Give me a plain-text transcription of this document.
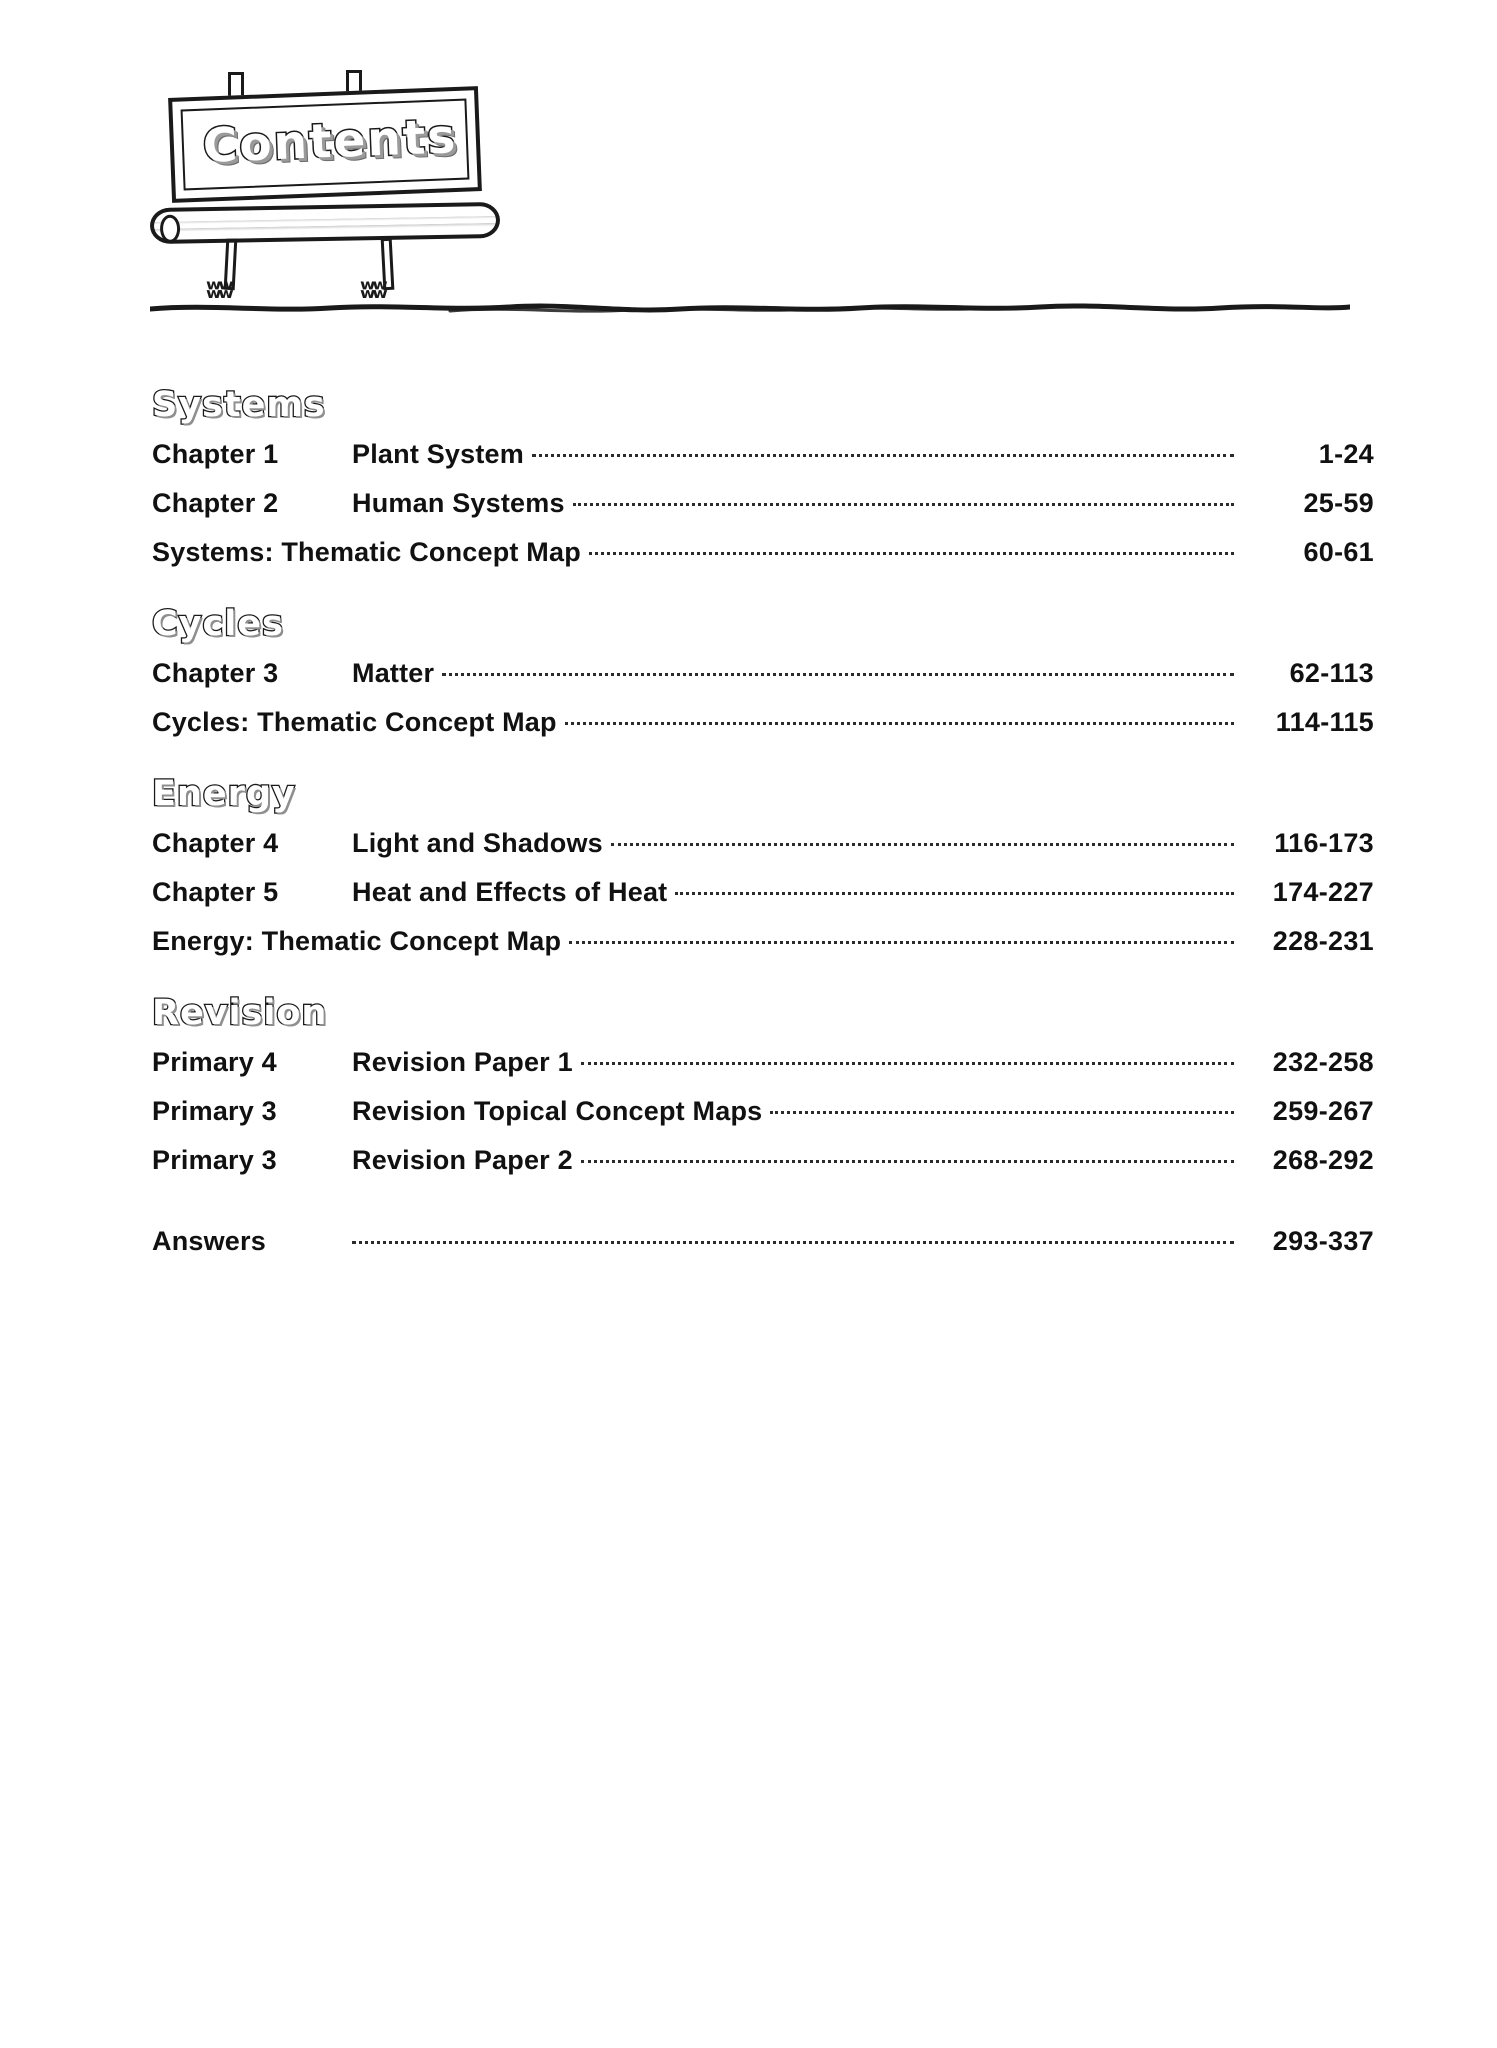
Contents
ʬʬ	ʬʬ
Systems
Chapter 1	Plant System	1-24
Chapter 2	Human Systems	25-59
Systems: Thematic Concept Map	60-61
Cycles
Chapter 3	Matter	62-113
Cycles: Thematic Concept Map	114-115
Energy
Chapter 4	Light and Shadows	116-173
Chapter 5	Heat and Effects of Heat	174-227
Energy: Thematic Concept Map	228-231
Revision
Primary 4	Revision Paper 1	232-258
Primary 3	Revision Topical Concept Maps	259-267
Primary 3	Revision Paper 2	268-292
Answers	293-337
